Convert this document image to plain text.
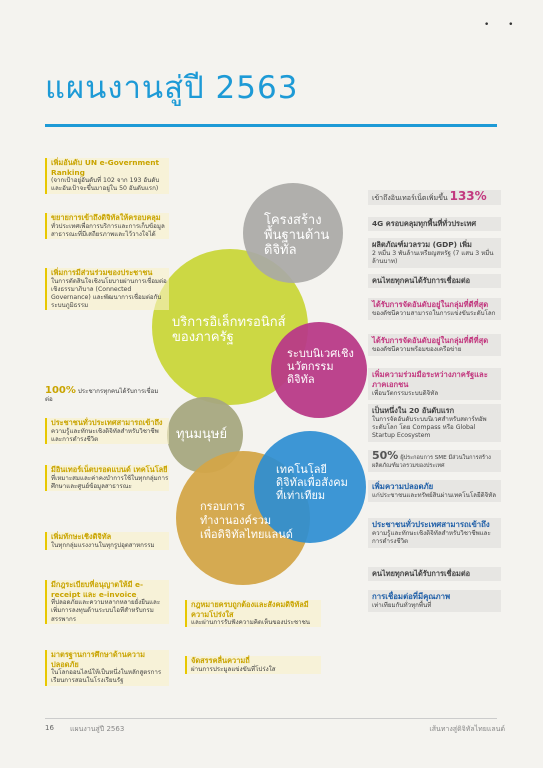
• •
แผนงานสู่ปี 2563
โครงสร้าง
พื้นฐานด้าน
ดิจิทัล
บริการอิเล็กทรอนิกส์
ของภาครัฐ
ระบบนิเวศเชิง
นวัตกรรม
ดิจิทัล
ทุนมนุษย์
เทคโนโลยี
ดิจิทัลเพื่อสังคม
ที่เท่าเทียม
กรอบการ
ทำงานองค์รวม
เพื่อดิจิทัลไทยแลนด์
เพิ่มอันดับ UN e-Government Ranking
(จากเป้าอยู่อันดับที่ 102 จาก 193 อันดับ และอันเป้าจะขึ้นมาอยู่ใน 50 อันดับแรก)
ขยายการเข้าถึงดิจิทัลให้ครอบคลุม
ทั่วประเทศเพื่อการบริการและการเก็บข้อมูลสาธารณะที่มีเสถียรภาพและไว้วางใจได้
เพิ่มการมีส่วนร่วมของประชาชน
ในการตัดสินใจเชิงนโยบายผ่านการเชื่อมต่อเชิงธรรมาภิบาล (Connected Governance) และพัฒนาการเชื่อมต่อกับระบบภูมิธรรม
100% ประชากรทุกคนได้รับการเชื่อมต่อ
ประชาชนทั่วประเทศสามารถเข้าถึง
ความรู้และทักษะเชิงดิจิทัลสำหรับวิชาชีพและการดำรงชีวิต
มีอินเทอร์เน็ตบรอดแบนด์ เทคโนโลยี
ที่เหมาะสมและค่าคงบำการใช้ในทุกกลุ่มการศึกษาและศูนย์ข้อมูลสาธารณะ
เพิ่มทักษะเชิงดิจิทัล
ในทุกกลุ่มแรงงานในทุกรูปอุตสาหกรรม
มีกฎระเบียบที่อนุญาตให้มี e-receipt และ e-invoice
ที่ปลอดภัยและความหลากหลายยั่งยืนและเพิ่มการลงทุนด้านระบบไอทีสำหรับกรมสรรพากร
มาตรฐานการศึกษาด้านความปลอดภัย
ในโลกออนไลน์ให้เป็นหนึ่งในหลักสูตรการเรียนการสอนในโรงเรียนรัฐ
กฎหมายครบถูกต้องและสังคมดิจิทัลมีความโปร่งใส
และผ่านการรับฟังความคิดเห็นของประชาชน
จัดสรรคลื่นความถี่
ผ่านการประมูลแข่งขันที่โปร่งใส
เข้าถึงอินเทอร์เน็ตเพิ่มขึ้น 133%
4G ครอบคลุมทุกพื้นที่ทั่วประเทศ
ผลิตภัณฑ์มวลรวม (GDP) เพิ่ม
2 หมื่น 3 พันล้านเหรียญสหรัฐ (7 แสน 3 หมื่นล้านบาท)
คนไทยทุกคนได้รับการเชื่อมต่อ
ได้รับการจัดอันดับอยู่ในกลุ่มที่ดีที่สุด
ของดัชนีความสามารถในการแข่งขันระดับโลก
ได้รับการจัดอันดับอยู่ในกลุ่มที่ดีที่สุด
ของดัชนีความพร้อมของเครือข่าย
เพิ่มความร่วมมือระหว่างภาครัฐและภาคเอกชน
เพื่อนวัตกรรมระบบดิจิทัล
เป็นหนึ่งใน 20 อันดับแรก
ในการจัดอันดับระบบนิเวศสำหรับสตาร์ทอัพระดับโลก โดย Compass หรือ Global Startup Ecosystem
50% ผู้ประกอบการ SME มีส่วนในการสร้างผลิตภัณฑ์มวลรวมของประเทศ
เพิ่มความปลอดภัย
แก่ประชาชนและทรัพย์สินผ่านเทคโนโลยีดิจิทัล
ประชาชนทั่วประเทศสามารถเข้าถึง
ความรู้และทักษะเชิงดิจิทัลสำหรับวิชาชีพและการดำรงชีวิต
คนไทยทุกคนได้รับการเชื่อมต่อ
การเชื่อมต่อที่มีคุณภาพ
เท่าเทียมกันทั่วทุกพื้นที่
16 แผนงานสู่ปี 2563	เส้นทางสู่ดิจิทัลไทยแลนด์
